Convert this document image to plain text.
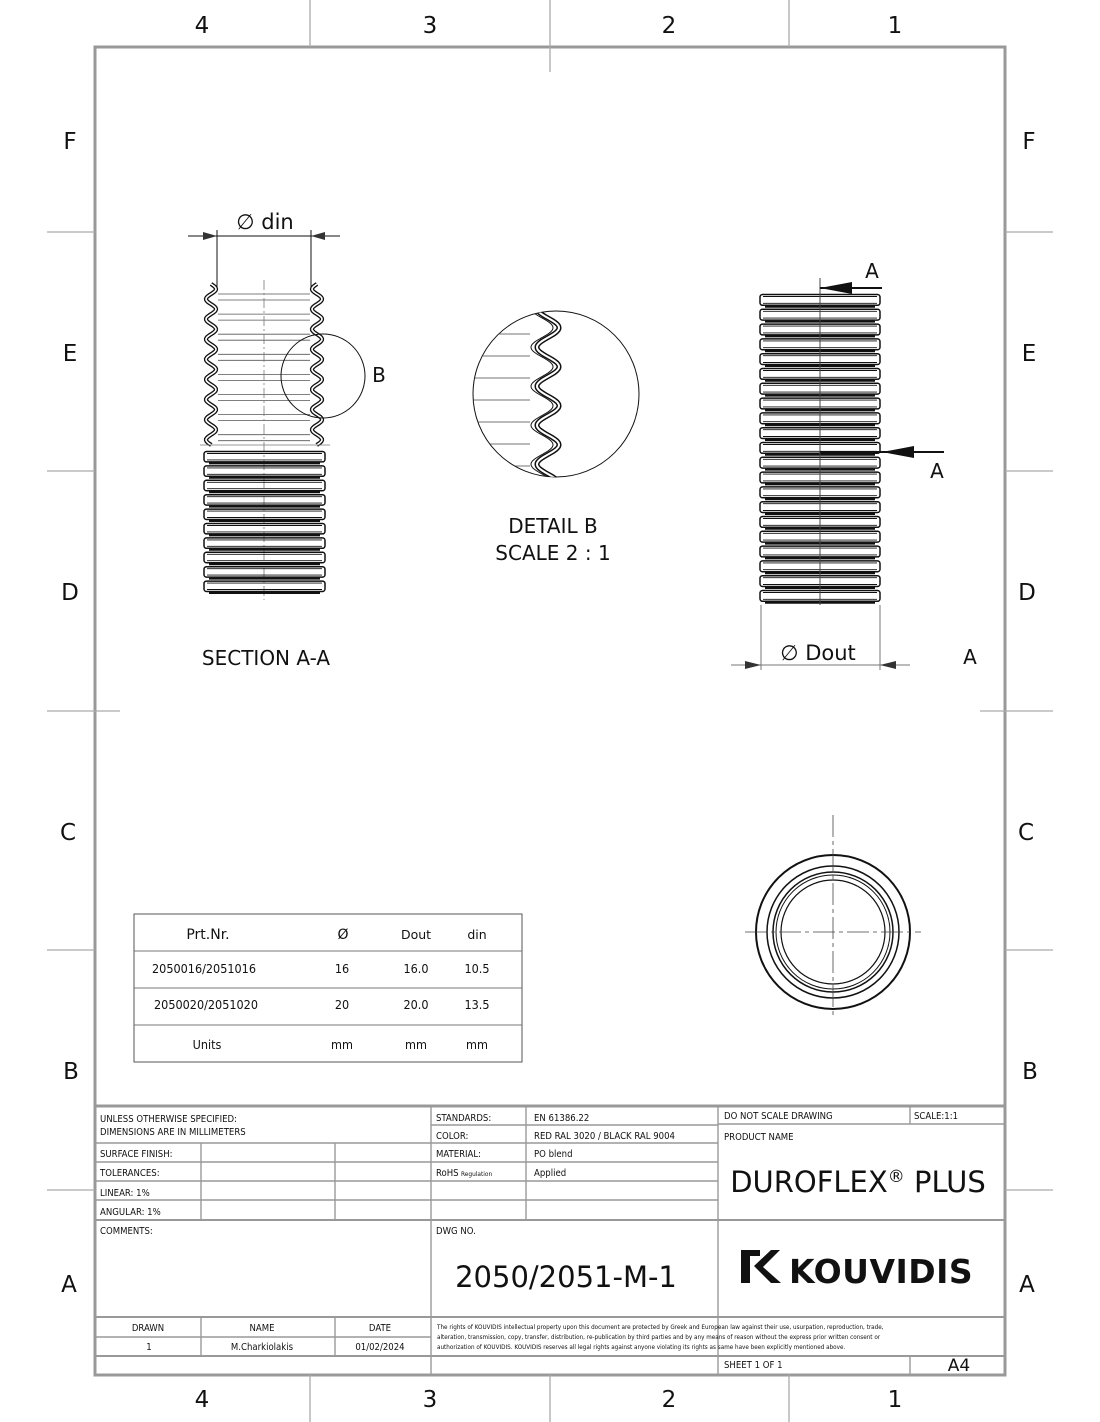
4	3	2	1
4	3	2	1
F
E
D
C
B
A
F
E
D
C
B
A
∅ din
B
SECTION A-A
DETAIL B
SCALE 2 : 1
A
A
∅ Dout	A
Prt.Nr.	Ø	Dout	din
2050016/2051016	16	16.0	10.5
2050020/2051020	20	20.0	13.5
Units	mm	mm	mm
UNLESS OTHERWISE SPECIFIED:
DIMENSIONS ARE IN MILLIMETERS
SURFACE FINISH:
TOLERANCES:
LINEAR: 1%
ANGULAR: 1%
COMMENTS:
STANDARDS:	EN 61386.22
COLOR:	RED RAL 3020 / BLACK RAL 9004
MATERIAL:	PO blend
RoHS Regulation	Applied
DWG NO.
2050/2051-M-1
DO NOT SCALE DRAWING	SCALE:1:1
PRODUCT NAME
DUROFLEX® PLUS
KOUVIDIS
DRAWN	NAME	DATE
1	M.Charkiolakis	01/02/2024
The rights of KOUVIDIS intellectual property upon this document are protected by Greek and European law against their use, usurpation, reproduction, trade,
alteration, transmission, copy, transfer, distribution, re-publication by third parties and by any means of reason without the express prior written consent or
authorization of KOUVIDIS. KOUVIDIS reserves all legal rights against anyone violating its rights as same have been explicitly mentioned above.
SHEET 1 OF 1	A4
